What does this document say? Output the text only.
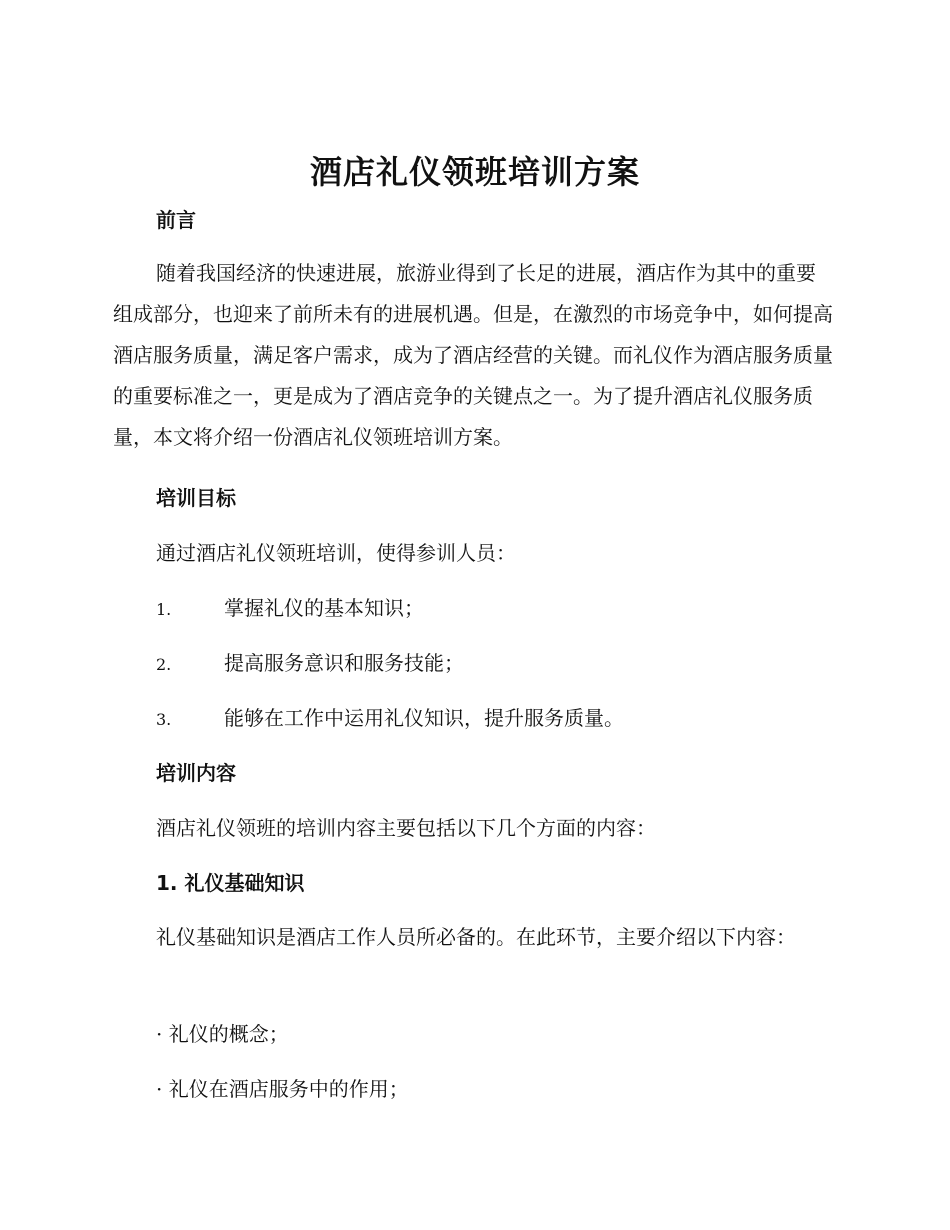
酒店礼仪领班培训方案
前言

随着我国经济的快速进展，旅游业得到了长足的进展，酒店作为其中的重要组成部分，也迎来了前所未有的进展机遇。但是，在激烈的市场竞争中，如何提高酒店服务质量，满足客户需求，成为了酒店经营的关键。而礼仪作为酒店服务质量的重要标准之一，更是成为了酒店竞争的关键点之一。为了提升酒店礼仪服务质量，本文将介绍一份酒店礼仪领班培训方案。

培训目标

通过酒店礼仪领班培训，使得参训人员：

1.	掌握礼仪的基本知识；

2.	提高服务意识和服务技能；

3.	能够在工作中运用礼仪知识，提升服务质量。

培训内容

酒店礼仪领班的培训内容主要包括以下几个方面的内容：

1. 礼仪基础知识

礼仪基础知识是酒店工作人员所必备的。在此环节，主要介绍以下内容：

· 礼仪的概念；

· 礼仪在酒店服务中的作用；
